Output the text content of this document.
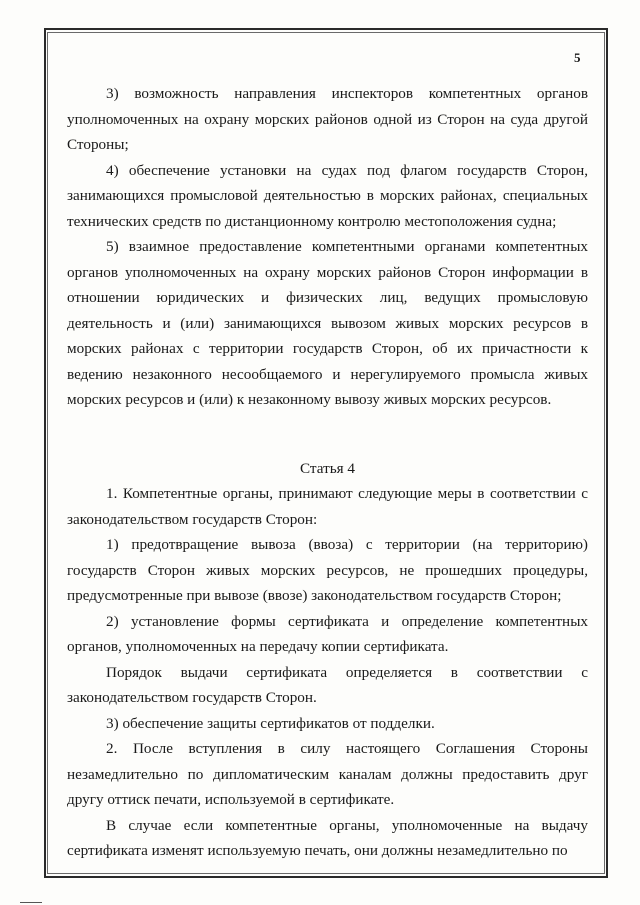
5
3) возможность направления инспекторов компетентных органов уполномоченных на охрану морских районов одной из Сторон на суда другой Стороны;
4) обеспечение установки на судах под флагом государств Сторон, занимающихся промысловой деятельностью в морских районах, специальных технических средств по дистанционному контролю местоположения судна;
5) взаимное предоставление компетентными органами компетентных органов уполномоченных на охрану морских районов Сторон информации в отношении юридических и физических лиц, ведущих промысловую деятельность и (или) занимающихся вывозом живых морских ресурсов в морских районах с территории государств Сторон, об их причастности к ведению незаконного несообщаемого и нерегулируемого промысла живых морских ресурсов и (или) к незаконному вывозу живых морских ресурсов.
Статья 4
1. Компетентные органы, принимают следующие меры в соответствии с законодательством государств Сторон:
1) предотвращение вывоза (ввоза) с территории (на территорию) государств Сторон живых морских ресурсов, не прошедших процедуры, предусмотренные при вывозе (ввозе) законодательством государств Сторон;
2) установление формы сертификата и определение компетентных органов, уполномоченных на передачу копии сертификата.
Порядок выдачи сертификата определяется в соответствии с законодательством государств Сторон.
3) обеспечение защиты сертификатов от подделки.
2. После вступления в силу настоящего Соглашения Стороны незамедлительно по дипломатическим каналам должны предоставить друг другу оттиск печати, используемой в сертификате.
В случае если компетентные органы, уполномоченные на выдачу сертификата изменят используемую печать, они должны незамедлительно по
